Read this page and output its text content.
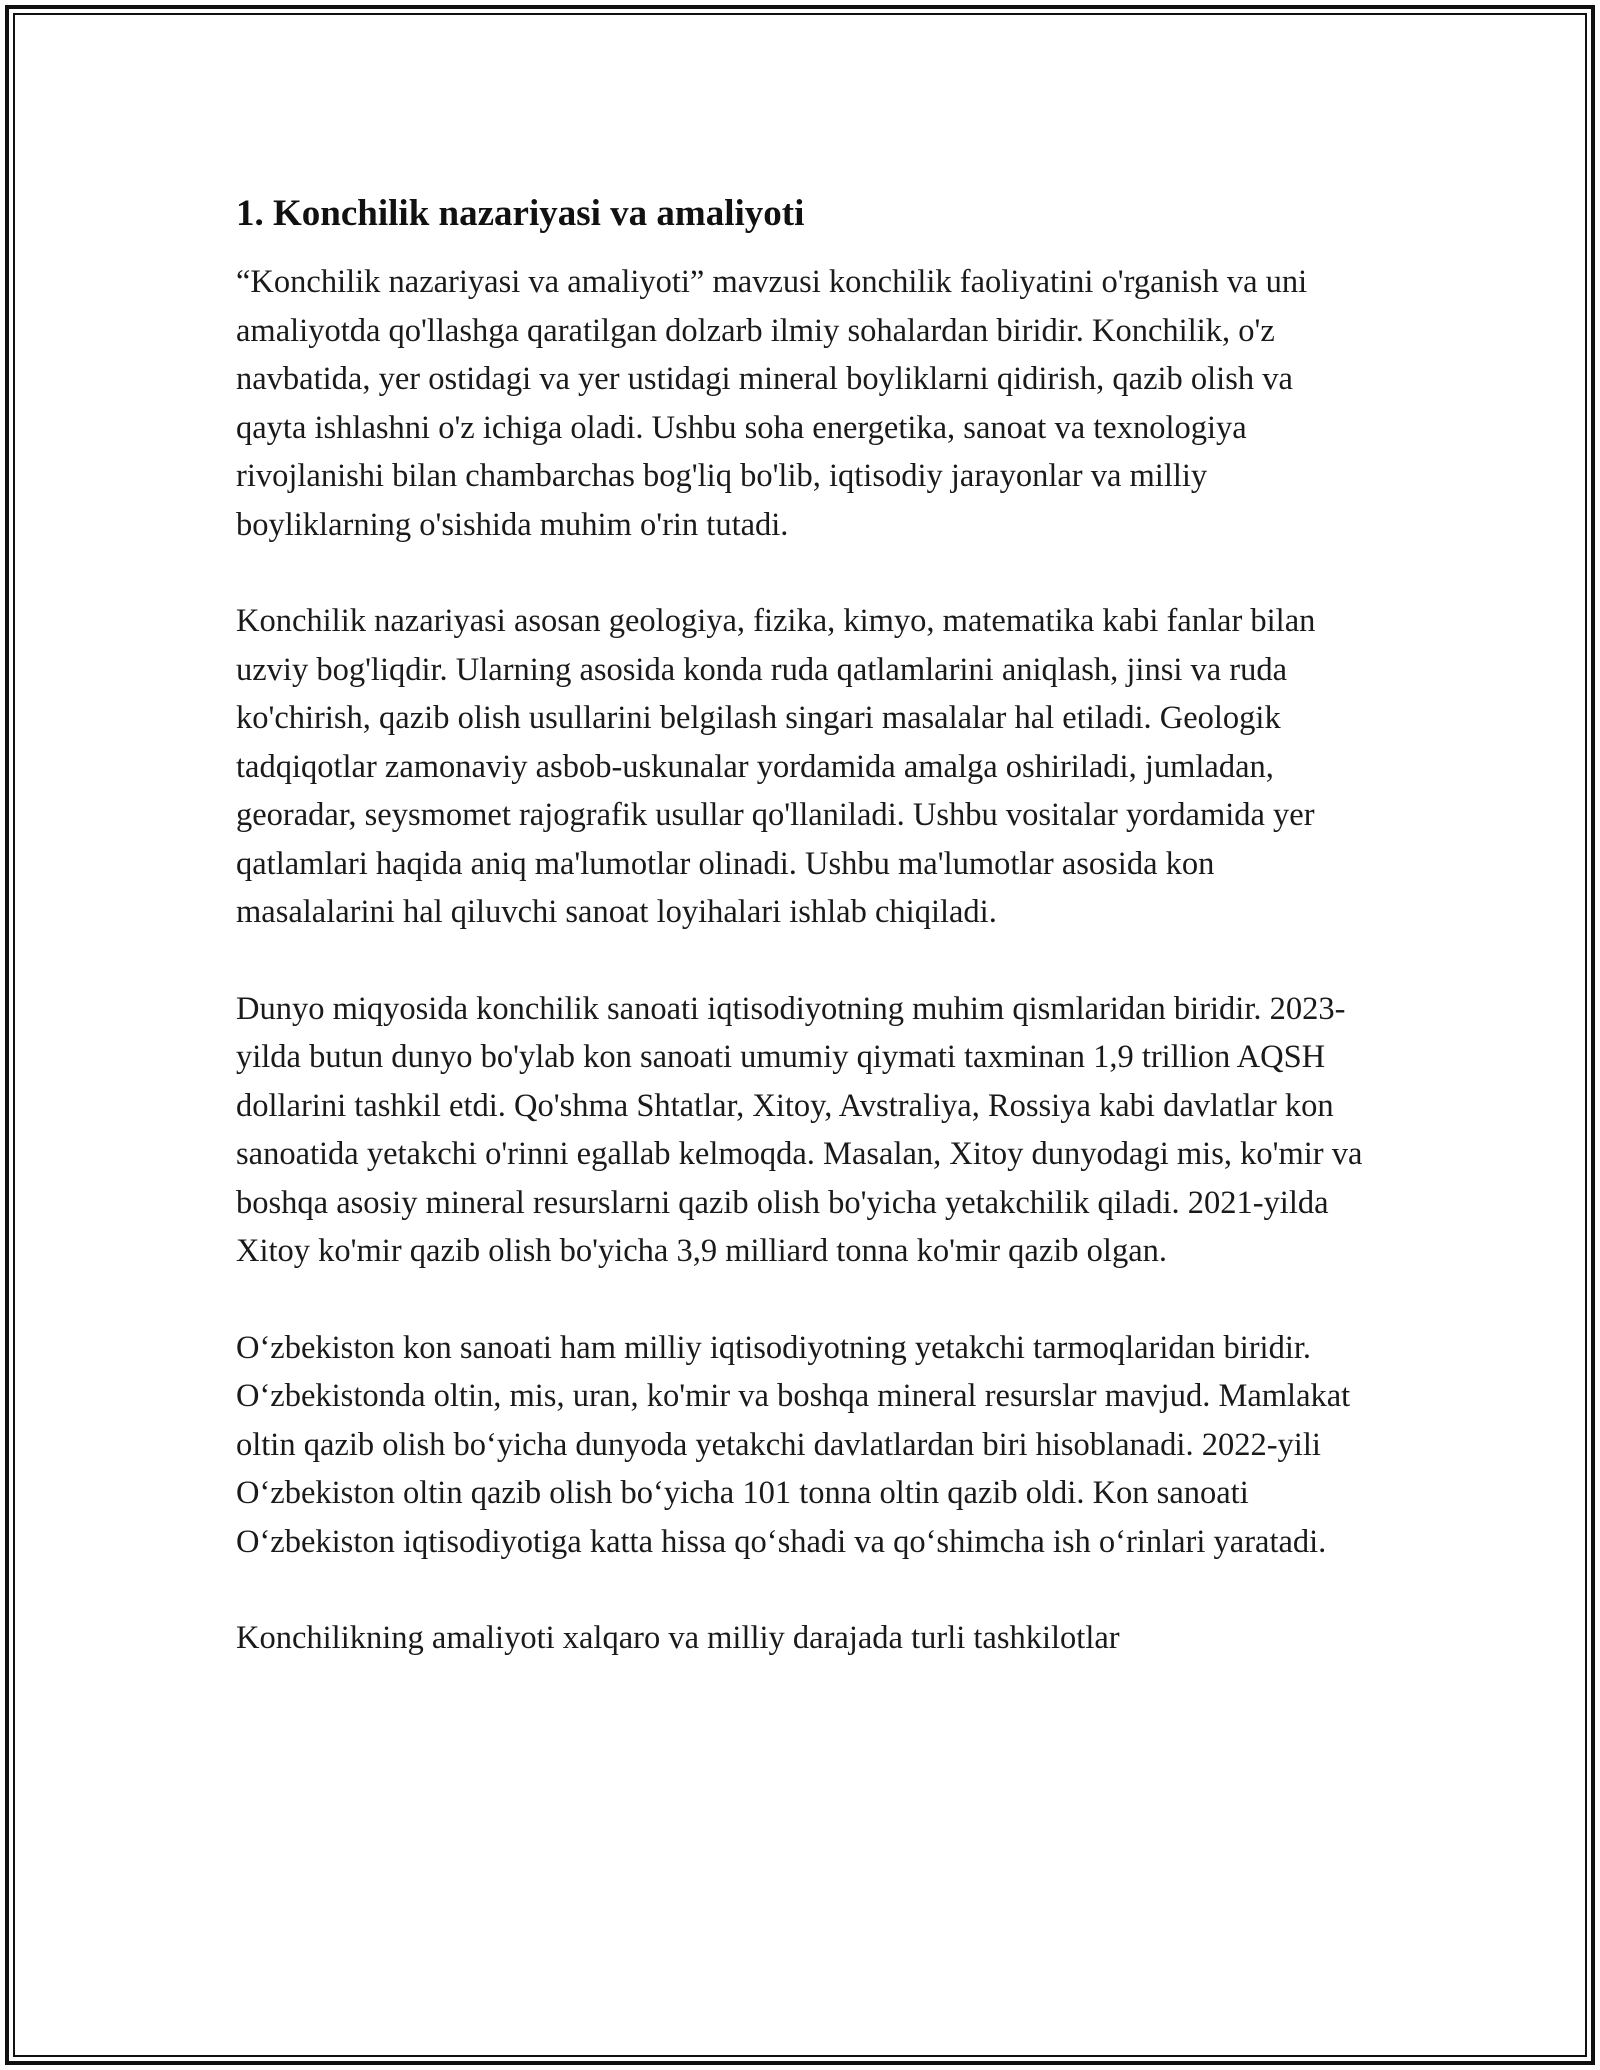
1. Konchilik nazariyasi va amaliyoti

“Konchilik nazariyasi va amaliyoti” mavzusi konchilik faoliyatini o'rganish va uni amaliyotda qo'llashga qaratilgan dolzarb ilmiy sohalardan biridir. Konchilik, o'z navbatida, yer ostidagi va yer ustidagi mineral boyliklarni qidirish, qazib olish va qayta ishlashni o'z ichiga oladi. Ushbu soha energetika, sanoat va texnologiya rivojlanishi bilan chambarchas bog'liq bo'lib, iqtisodiy jarayonlar va milliy boyliklarning o'sishida muhim o'rin tutadi.

Konchilik nazariyasi asosan geologiya, fizika, kimyo, matematika kabi fanlar bilan uzviy bog'liqdir. Ularning asosida konda ruda qatlamlarini aniqlash, jinsi va ruda ko'chirish, qazib olish usullarini belgilash singari masalalar hal etiladi. Geologik tadqiqotlar zamonaviy asbob-uskunalar yordamida amalga oshiriladi, jumladan, georadar, seysmomet rajografik usullar qo'llaniladi. Ushbu vositalar yordamida yer qatlamlari haqida aniq ma'lumotlar olinadi. Ushbu ma'lumotlar asosida kon masalalarini hal qiluvchi sanoat loyihalari ishlab chiqiladi.

Dunyo miqyosida konchilik sanoati iqtisodiyotning muhim qismlaridan biridir. 2023-yilda butun dunyo bo'ylab kon sanoati umumiy qiymati taxminan 1,9 trillion AQSH dollarini tashkil etdi. Qo'shma Shtatlar, Xitoy, Avstraliya, Rossiya kabi davlatlar kon sanoatida yetakchi o'rinni egallab kelmoqda. Masalan, Xitoy dunyodagi mis, ko'mir va boshqa asosiy mineral resurslarni qazib olish bo'yicha yetakchilik qiladi. 2021-yilda Xitoy ko'mir qazib olish bo'yicha 3,9 milliard tonna ko'mir qazib olgan.

O‘zbekiston kon sanoati ham milliy iqtisodiyotning yetakchi tarmoqlaridan biridir. O‘zbekistonda oltin, mis, uran, ko'mir va boshqa mineral resurslar mavjud. Mamlakat oltin qazib olish bo‘yicha dunyoda yetakchi davlatlardan biri hisoblanadi. 2022-yili O‘zbekiston oltin qazib olish bo‘yicha 101 tonna oltin qazib oldi. Kon sanoati O‘zbekiston iqtisodiyotiga katta hissa qo‘shadi va qo‘shimcha ish o‘rinlari yaratadi.

Konchilikning amaliyoti xalqaro va milliy darajada turli tashkilotlar
